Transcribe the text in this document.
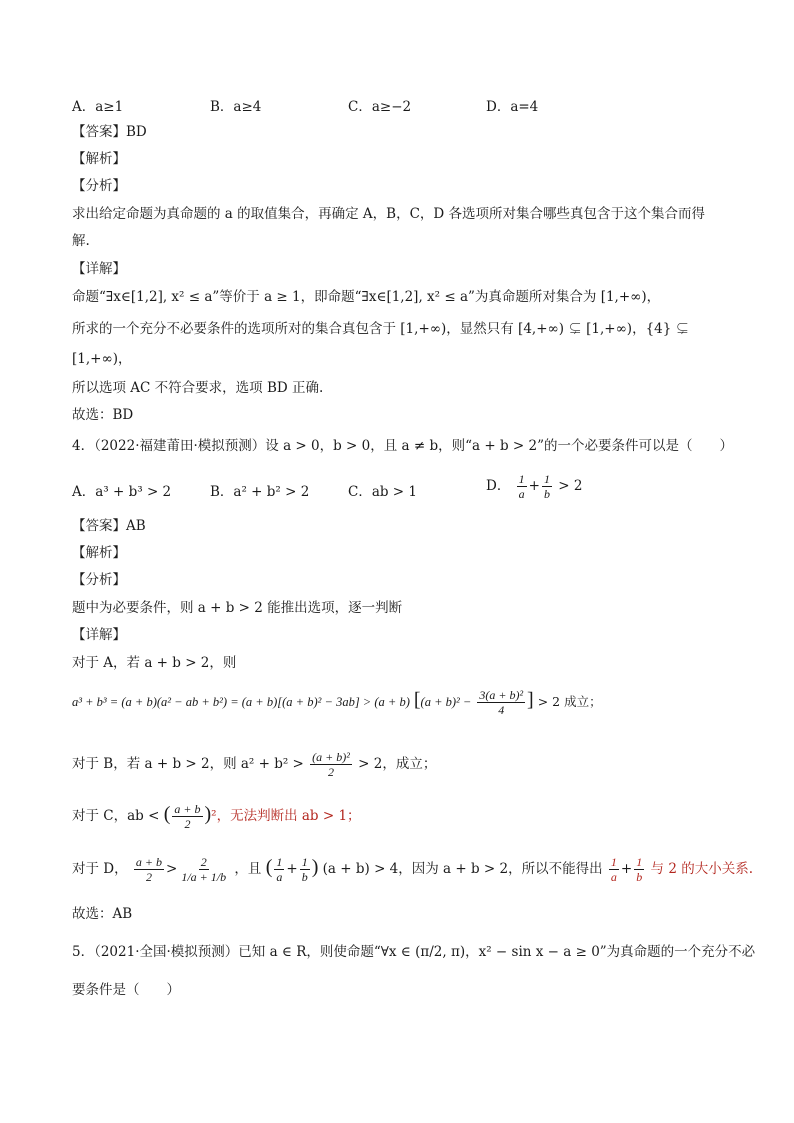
A．a≥1	B．a≥4	C．a≥−2	D．a=4
【答案】BD
【解析】
【分析】
求出给定命题为真命题的 a 的取值集合，再确定 A，B，C，D 各选项所对集合哪些真包含于这个集合而得
解.
【详解】
命题“∃x∈[1,2], x² ≤ a”等价于 a ≥ 1，即命题“∃x∈[1,2], x² ≤ a”为真命题所对集合为 [1,+∞)，
所求的一个充分不必要条件的选项所对的集合真包含于 [1,+∞)，显然只有 [4,+∞) ⊊ [1,+∞)，{4} ⊊
[1,+∞)，
所以选项 AC 不符合要求，选项 BD 正确.
故选：BD
4．（2022·福建莆田·模拟预测）设 a > 0，b > 0，且 a ≠ b，则“a + b > 2”的一个必要条件可以是（　　）
A．a³ + b³ > 2	B．a² + b² > 2	C．ab > 1	D． $\frac{1}{a} + \frac{1}{b} > 2$
【答案】AB
【解析】
【分析】
题中为必要条件，则 a + b > 2 能推出选项，逐一判断
【详解】
对于 A，若 a + b > 2，则
a³ + b³ = (a + b)(a² − ab + b²) = (a + b)[(a + b)² − 3ab] > (a + b) [$(a + b)^2 - \frac{\text{3(a + b)²}}{4}$ ] > 2 成立；
对于 B，若 a + b > 2，则 $a^2 + b^2 > \frac{\text{(a + b)²}}{2} > 2$，成立；
对于 C，ab < ( $\frac{a + b}{2} )^2$，无法判断出 ab > 1；
对于 D， $\frac{a + b}{2} > \frac{2}{1/a + 1/b}$ ，且 ( $\frac{1}{a} + \frac{1}{b}$ ) (a + b) > 4，因为 a + b > 2，所以不能得出 $\frac{1}{a} + \frac{1}{b}$ 与 2 的大小关系.
故选：AB
5．（2021·全国·模拟预测）已知 a ∈ R，则使命题“∀x ∈ (π/2, π)，x² − sin x − a ≥ 0”为真命题的一个充分不必
要条件是（　　）
